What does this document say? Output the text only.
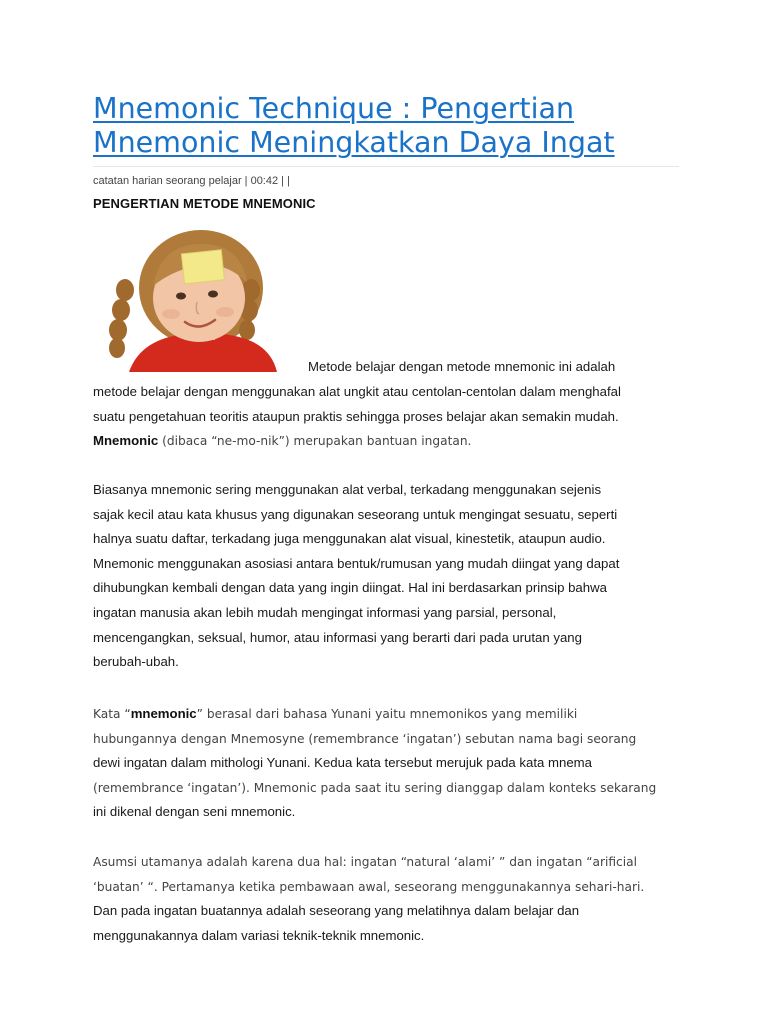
Mnemonic Technique : Pengertian
Mnemonic Meningkatkan Daya Ingat
catatan harian seorang pelajar | 00:42 | |
PENGERTIAN METODE MNEMONIC
Metode belajar dengan metode mnemonic ini adalah
metode belajar dengan menggunakan alat ungkit atau centolan-centolan dalam menghafal
suatu pengetahuan teoritis ataupun praktis sehingga proses belajar akan semakin mudah.
Mnemonic (dibaca “ne-mo-nik”) merupakan bantuan ingatan.
Biasanya mnemonic sering menggunakan alat verbal, terkadang menggunakan sejenis
sajak kecil atau kata khusus yang digunakan seseorang untuk mengingat sesuatu, seperti
halnya suatu daftar, terkadang juga menggunakan alat visual, kinestetik, ataupun audio.
Mnemonic menggunakan asosiasi antara bentuk/rumusan yang mudah diingat yang dapat
dihubungkan kembali dengan data yang ingin diingat. Hal ini berdasarkan prinsip bahwa
ingatan manusia akan lebih mudah mengingat informasi yang parsial, personal,
mencengangkan, seksual, humor, atau informasi yang berarti dari pada urutan yang
berubah-ubah.
Kata “mnemonic” berasal dari bahasa Yunani yaitu mnemonikos yang memiliki
hubungannya dengan Mnemosyne (remembrance ‘ingatan’) sebutan nama bagi seorang
dewi ingatan dalam mithologi Yunani. Kedua kata tersebut merujuk pada kata mnema
(remembrance ‘ingatan’). Mnemonic pada saat itu sering dianggap dalam konteks sekarang
ini dikenal dengan seni mnemonic.
Asumsi utamanya adalah karena dua hal: ingatan “natural ‘alami’ ” dan ingatan “arificial
‘buatan’ “. Pertamanya ketika pembawaan awal, seseorang menggunakannya sehari-hari.
Dan pada ingatan buatannya adalah seseorang yang melatihnya dalam belajar dan
menggunakannya dalam variasi teknik-teknik mnemonic.
